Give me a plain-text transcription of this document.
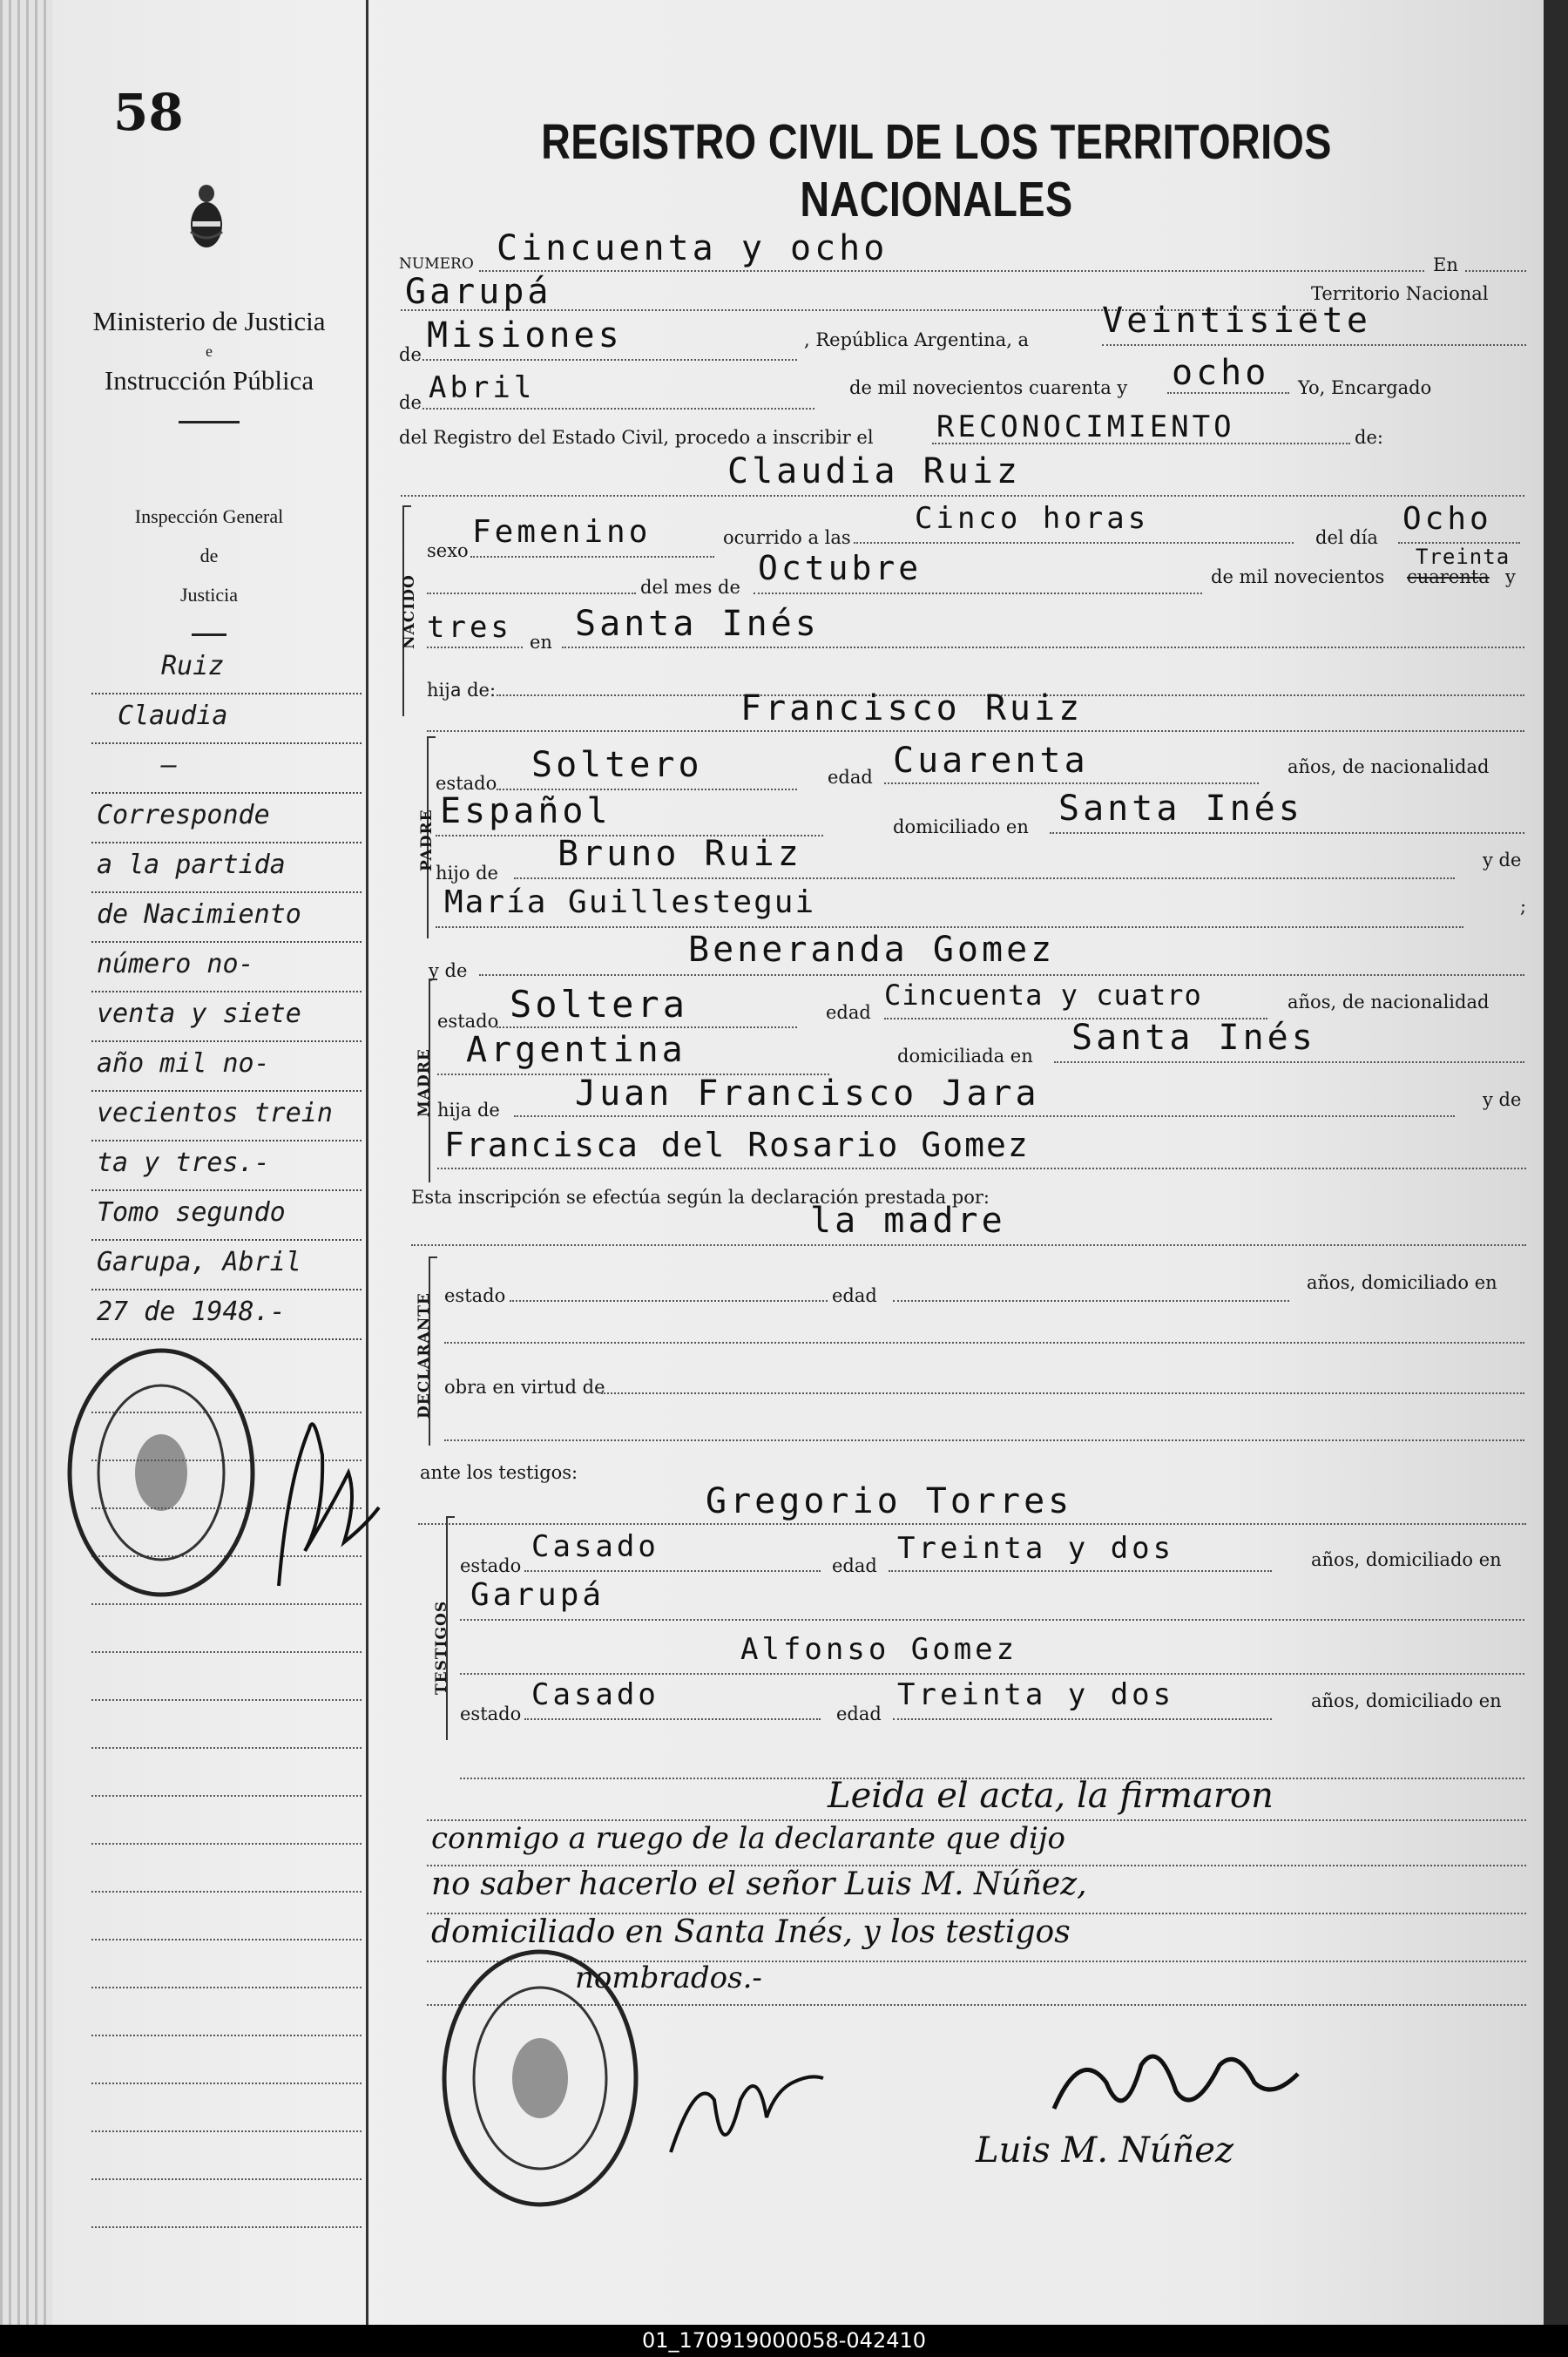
58
Ministerio de Justicia
e
Instrucción Pública
Inspección General
de
Justicia
Ruiz
Claudia
—
Corresponde
a la partida
de Nacimiento
número no-
venta y siete
año mil no-
vecientos trein
ta y tres.-
Tomo segundo
Garupa, Abril
27 de 1948.-
REGISTRO CIVIL DE LOS TERRITORIOS NACIONALES
NUMERO Cincuenta y ocho	En
Garupá	Territorio Nacional
de Misiones	, República Argentina, a Veintisiete
de Abril	de mil novecientos cuarenta y ocho Yo, Encargado
del Registro del Estado Civil, procedo a inscribir el RECONOCIMIENTO	de:
Claudia Ruiz
NACIDO
sexo
Femenino	ocurrido a las
Cinco horas
del día
Ocho
del mes de Octubre	de mil novecientos cuarenta y
Treinta
tres en Santa Inés
hija de:	Francisco Ruiz
PADRE
estado Soltero	edad Cuarenta	años, de nacionalidad
Español	domiciliado en Santa Inés
hijo de Bruno Ruiz	y de
María Guillestegui	;
y de
Beneranda Gomez
MADRE
estado Soltera	edad
Cincuenta y cuatro	años, de nacionalidad
Argentina	domiciliada en Santa Inés
hija de Juan Francisco Jara	y de
Francisca del Rosario Gomez
Esta inscripción se efectúa según la declaración prestada por:
la madre
DECLARANTE estado	edad
años, domiciliado en
obra en virtud de
ante los testigos:
Gregorio Torres
TESTIGOS
estado
Casado
edad Treinta y dos	años, domiciliado en
Garupá
Alfonso Gomez
estado
Casado
edad
Treinta y dos	años, domiciliado en
Leida el acta, la firmaron
conmigo a ruego de la declarante que dijo
no saber hacerlo el señor Luis M. Núñez,
domiciliado en Santa Inés, y los testigos
nombrados.-
Luis M. Núñez
01_170919000058-042410
